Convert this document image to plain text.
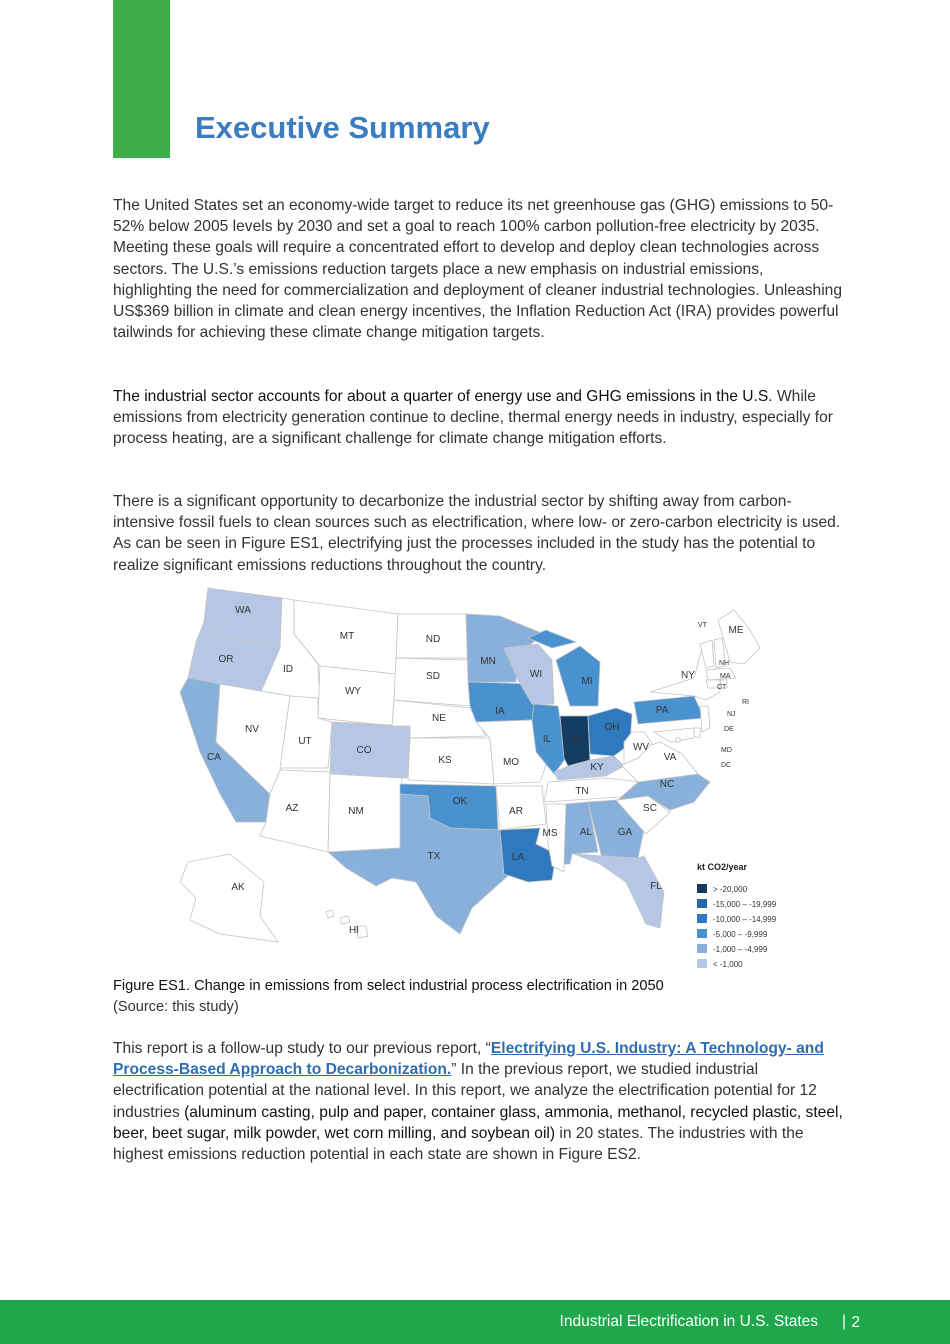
Executive Summary

The United States set an economy-wide target to reduce its net greenhouse gas (GHG) emissions to 50-52% below 2005 levels by 2030 and set a goal to reach 100% carbon pollution-free electricity by 2035. Meeting these goals will require a concentrated effort to develop and deploy clean technologies across sectors. The U.S.’s emissions reduction targets place a new emphasis on industrial emissions, highlighting the need for commercialization and deployment of cleaner industrial technologies. Unleashing US$369 billion in climate and clean energy incentives, the Inflation Reduction Act (IRA) provides powerful tailwinds for achieving these climate change mitigation targets.

The industrial sector accounts for about a quarter of energy use and GHG emissions in the U.S. While emissions from electricity generation continue to decline, thermal energy needs in industry, especially for process heating, are a significant challenge for climate change mitigation efforts.

There is a significant opportunity to decarbonize the industrial sector by shifting away from carbon-intensive fossil fuels to clean sources such as electrification, where low- or zero-carbon electricity is used. As can be seen in Figure ES1, electrifying just the processes included in the study has the potential to realize significant emissions reductions throughout the country.

WA
OR
CA
ID
NV
MT
WY
UT
AZ
CO
NM
ND
SD
NE
KS
OK
TX
MN
IA
MO
AR
LA
WI
IL
MI
IN
OH
KY
TN
MS AL	GA
FL
SC
NC
VA
WV
PA
NY
ME
VT
NH
MA
CT
RI
NJ
DE
MD
DC
AK
HI
kt CO2/year
> -20,000
-15,000 – -19,999
-10,000 – -14,999
-5,000 – -9,999
-1,000 – -4,999
< -1,000

Figure ES1. Change in emissions from select industrial process electrification in 2050
(Source: this study)

This report is a follow-up study to our previous report, “Electrifying U.S. Industry: A Technology- and Process-Based Approach to Decarbonization.” In the previous report, we studied industrial electrification potential at the national level. In this report, we analyze the electrification potential for 12 industries (aluminum casting, pulp and paper, container glass, ammonia, methanol, recycled plastic, steel, beer, beet sugar, milk powder, wet corn milling, and soybean oil) in 20 states. The industries with the highest emissions reduction potential in each state are shown in Figure ES2.

Industrial Electrification in U.S. States | 2
